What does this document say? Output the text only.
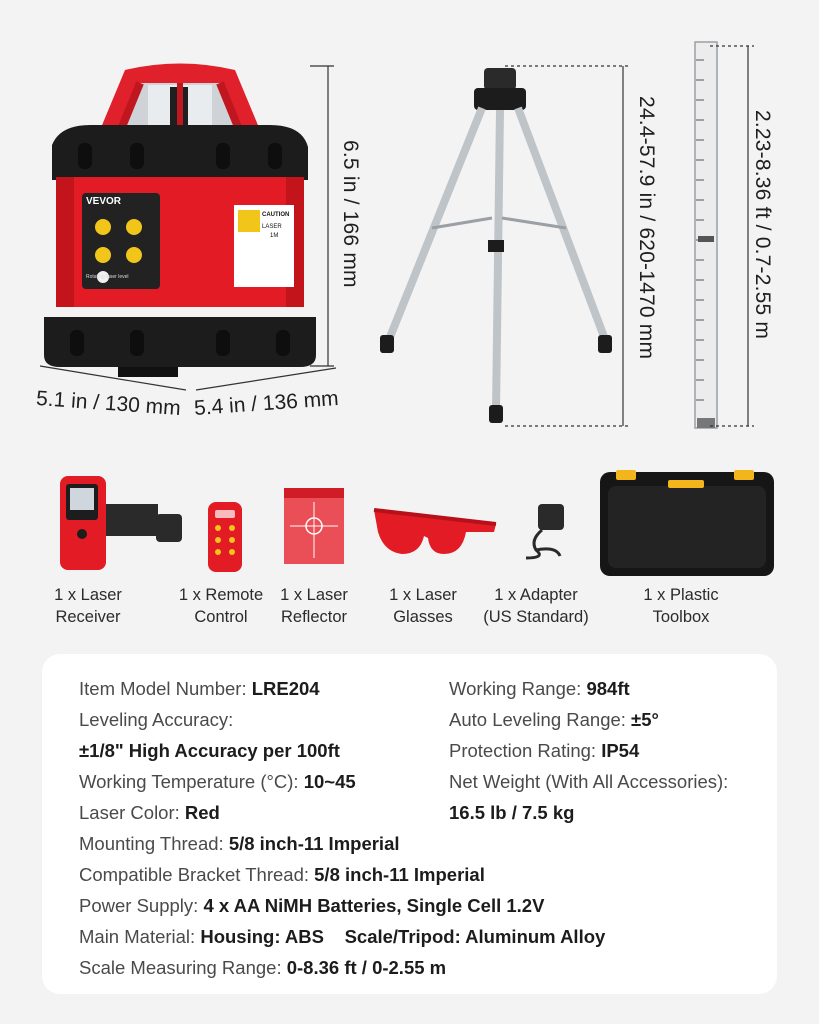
VEVOR
Rotating laser level
CAUTION
LASER
1M	6.5 in / 166 mm
5.1 in / 130 mm 5.4 in / 136 mm
24.4-57.9 in / 620-1470 mm	2.23-8.36 ft / 0.7-2.55 m
1 x Laser
Receiver
1 x Remote
Control
1 x Laser
Reflector
1 x Laser
Glasses
1 x Adapter
(US Standard)
1 x Plastic
Toolbox
Item Model Number: LRE204
Leveling Accuracy:
±1/8" High Accuracy per 100ft
Working Temperature (°C): 10~45
Laser Color: Red
Working Range: 984ft
Auto Leveling Range: ±5°
Protection Rating: IP54
Net Weight (With All Accessories):
16.5 lb / 7.5 kg
Mounting Thread: 5/8 inch-11 Imperial
Compatible Bracket Thread: 5/8 inch-11 Imperial
Power Supply: 4 x AA NiMH Batteries, Single Cell 1.2V
Main Material: Housing: ABS Scale/Tripod: Aluminum Alloy
Scale Measuring Range: 0-8.36 ft / 0-2.55 m
